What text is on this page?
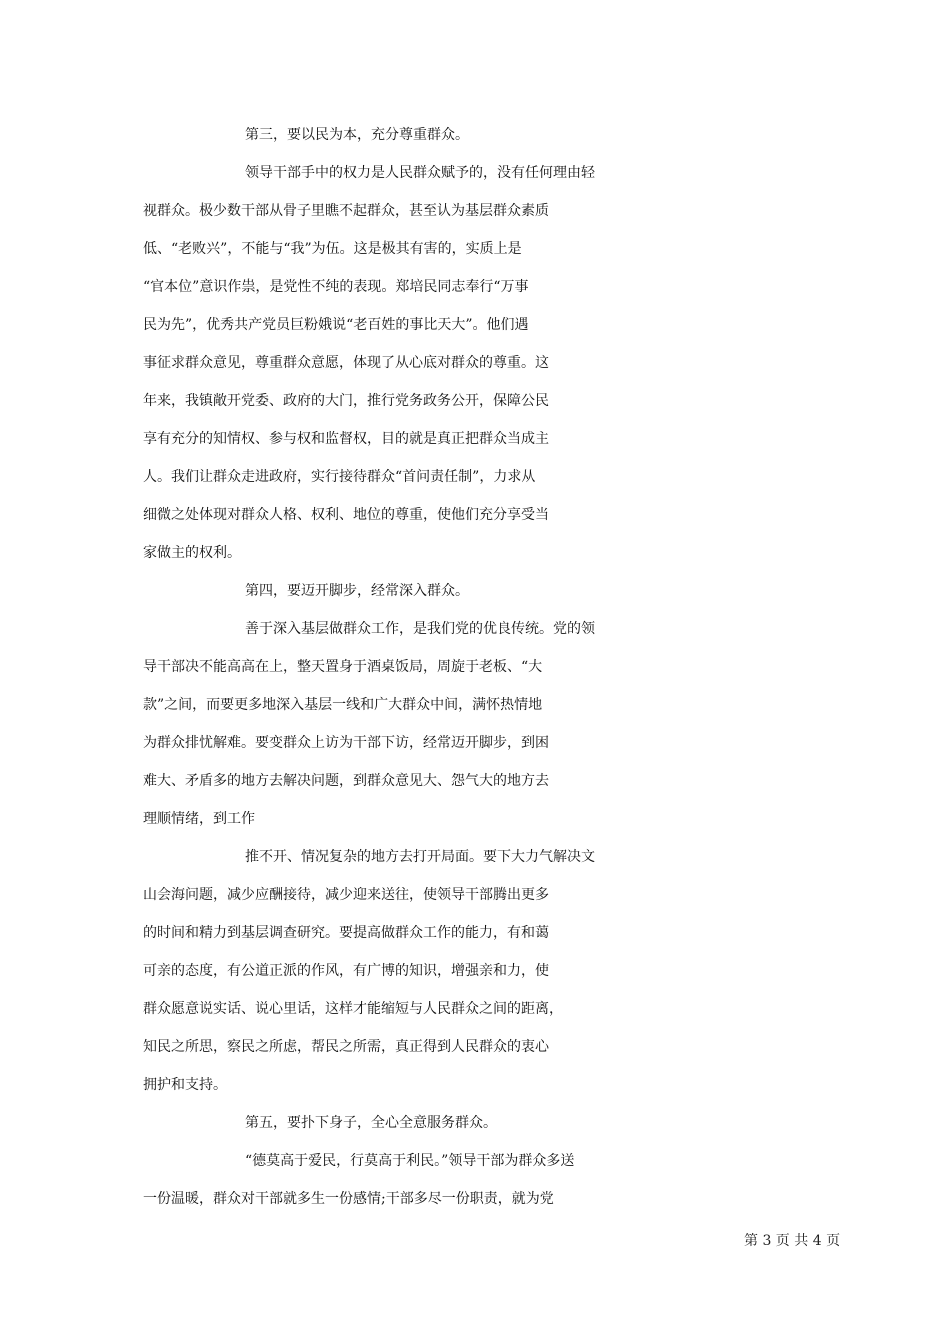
第三，要以民为本，充分尊重群众。
领导干部手中的权力是人民群众赋予的，没有任何理由轻
视群众。极少数干部从骨子里瞧不起群众，甚至认为基层群众素质
低、“老败兴”，不能与“我”为伍。这是极其有害的，实质上是
“官本位”意识作祟，是党性不纯的表现。郑培民同志奉行“万事
民为先”，优秀共产党员巨粉娥说“老百姓的事比天大”。他们遇
事征求群众意见，尊重群众意愿，体现了从心底对群众的尊重。这
年来，我镇敞开党委、政府的大门，推行党务政务公开，保障公民
享有充分的知情权、参与权和监督权，目的就是真正把群众当成主
人。我们让群众走进政府，实行接待群众“首问责任制”，力求从
细微之处体现对群众人格、权利、地位的尊重，使他们充分享受当
家做主的权利。
第四，要迈开脚步，经常深入群众。
善于深入基层做群众工作，是我们党的优良传统。党的领
导干部决不能高高在上，整天置身于酒桌饭局，周旋于老板、“大
款”之间，而要更多地深入基层一线和广大群众中间，满怀热情地
为群众排忧解难。要变群众上访为干部下访，经常迈开脚步，到困
难大、矛盾多的地方去解决问题，到群众意见大、怨气大的地方去
理顺情绪，到工作
推不开、情况复杂的地方去打开局面。要下大力气解决文
山会海问题，减少应酬接待，减少迎来送往，使领导干部腾出更多
的时间和精力到基层调查研究。要提高做群众工作的能力，有和蔼
可亲的态度，有公道正派的作风，有广博的知识，增强亲和力，使
群众愿意说实话、说心里话，这样才能缩短与人民群众之间的距离，
知民之所思，察民之所虑，帮民之所需，真正得到人民群众的衷心
拥护和支持。
第五，要扑下身子，全心全意服务群众。
“德莫高于爱民，行莫高于利民。”领导干部为群众多送
一份温暖，群众对干部就多生一份感情;干部多尽一份职责，就为党
第 3 页 共 4 页
